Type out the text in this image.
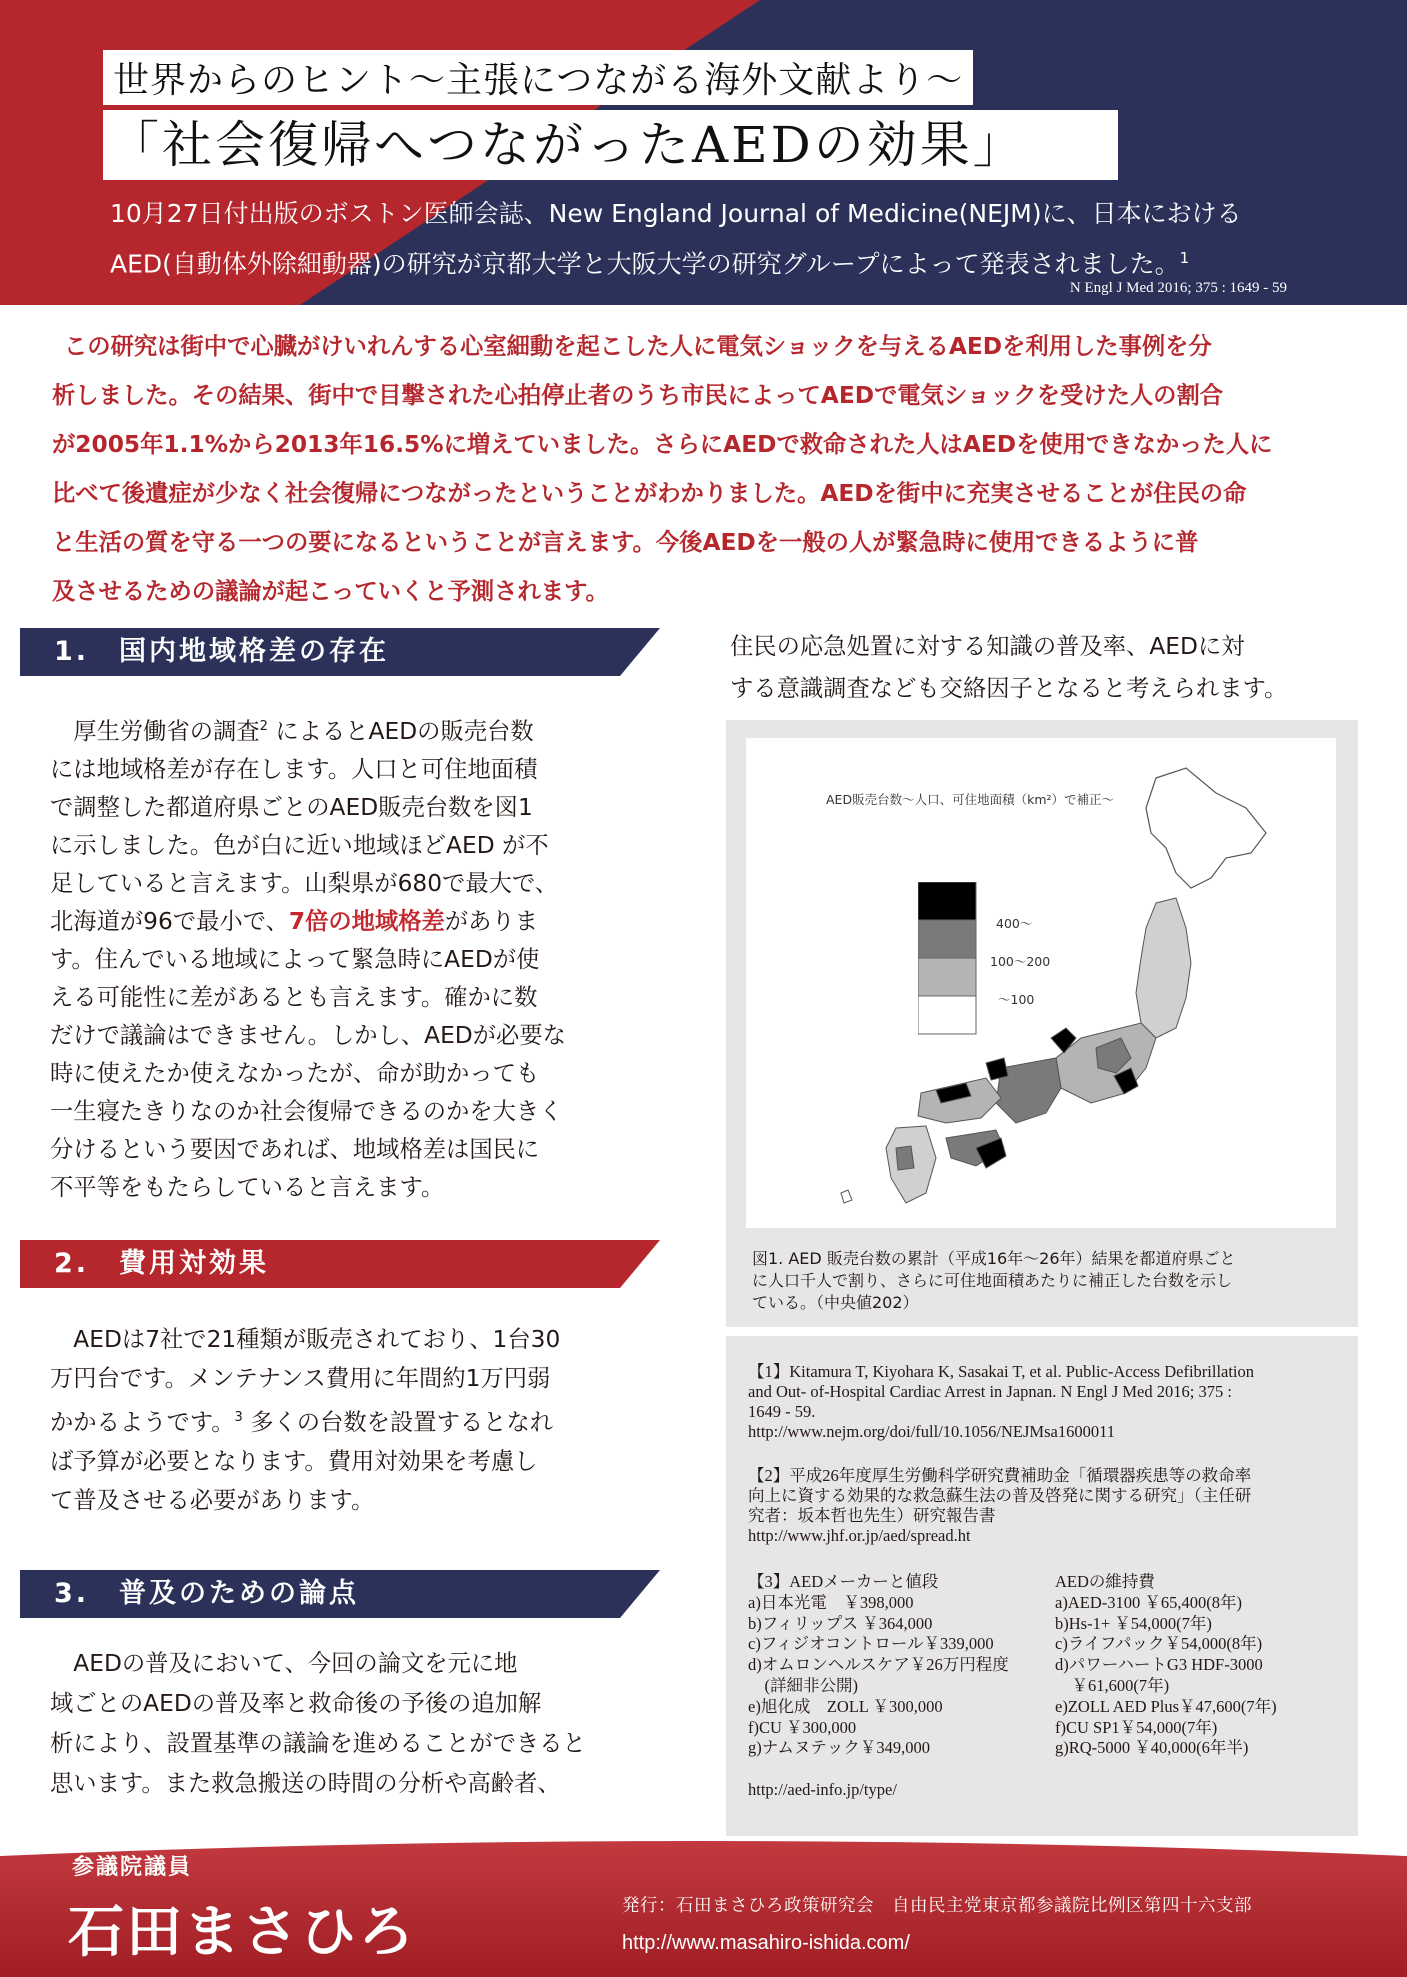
世界からのヒント〜主張につながる海外文献より〜
「社会復帰へつながったAEDの効果」
10月27日付出版のボストン医師会誌、New England Journal of Medicine(NEJM)に、日本における
AED(自動体外除細動器)の研究が京都大学と大阪大学の研究グループによって発表されました。$^1$
N Engl J Med 2016; 375 : 1649 - 59
この研究は街中で心臓がけいれんする心室細動を起こした人に電気ショックを与えるAEDを利用した事例を分
析しました。その結果、街中で目撃された心拍停止者のうち市民によってAEDで電気ショックを受けた人の割合
が2005年1.1%から2013年16.5%に増えていました。さらにAEDで救命された人はAEDを使用できなかった人に
比べて後遺症が少なく社会復帰につながったということがわかりました。AEDを街中に充実させることが住民の命
と生活の質を守る一つの要になるということが言えます。今後AEDを一般の人が緊急時に使用できるように普
及させるための議論が起こっていくと予測されます。
1.　国内地域格差の存在
　厚生労働省の調査$^2$ によるとAEDの販売台数
には地域格差が存在します。人口と可住地面積
で調整した都道府県ごとのAED販売台数を図1
に示しました。色が白に近い地域ほどAED が不
足していると言えます。山梨県が680で最大で、
北海道が96で最小で、7倍の地域格差がありま
す。住んでいる地域によって緊急時にAEDが使
える可能性に差があるとも言えます。確かに数
だけで議論はできません。しかし、AEDが必要な
時に使えたか使えなかったが、命が助かっても
一生寝たきりなのか社会復帰できるのかを大きく
分けるという要因であれば、地域格差は国民に
不平等をもたらしていると言えます。
2.　費用対効果
　AEDは7社で21種類が販売されており、1台30
万円台です。メンテナンス費用に年間約1万円弱
かかるようです。$^3$ 多くの台数を設置するとなれ
ば予算が必要となります。費用対効果を考慮し
て普及させる必要があります。
3.　普及のための論点
　AEDの普及において、今回の論文を元に地
域ごとのAEDの普及率と救命後の予後の追加解
析により、設置基準の議論を進めることができると
思います。また救急搬送の時間の分析や高齢者、
住民の応急処置に対する知識の普及率、AEDに対
する意識調査なども交絡因子となると考えられます。
AED販売台数〜人口、可住地面積（km²）で補正〜
400〜
100〜200
〜100
図1. AED 販売台数の累計（平成16年〜26年）結果を都道府県ごと
に人口千人で割り、さらに可住地面積あたりに補正した台数を示し
ている。（中央値202）
【1】Kitamura T, Kiyohara K, Sasakai T, et al. Public-Access Defibrillation
and Out- of-Hospital Cardiac Arrest in Japnan. N Engl J Med 2016; 375 :
1649 - 59.
http://www.nejm.org/doi/full/10.1056/NEJMsa1600011
【2】平成26年度厚生労働科学研究費補助金「循環器疾患等の救命率
向上に資する効果的な救急蘇生法の普及啓発に関する研究」（主任研
究者：坂本哲也先生）研究報告書
http://www.jhf.or.jp/aed/spread.ht
【3】AEDメーカーと値段
a)日本光電　￥398,000
b)フィリップス ￥364,000
c)フィジオコントロール￥339,000
d)オムロンヘルスケア￥26万円程度
　(詳細非公開)
e)旭化成　ZOLL ￥300,000
f)CU ￥300,000
g)ナムヌテック￥349,000
AEDの維持費
a)AED-3100 ￥65,400(8年)
b)Hs-1+ ￥54,000(7年)
c)ライフパック￥54,000(8年)
d)パワーハートG3 HDF-3000
　￥61,600(7年)
e)ZOLL AED Plus￥47,600(7年)
f)CU SP1￥54,000(7年)
g)RQ-5000 ￥40,000(6年半)
http://aed-info.jp/type/
参議院議員
石田まさひろ	発行：石田まさひろ政策研究会　自由民主党東京都参議院比例区第四十六支部
http://www.masahiro-ishida.com/
